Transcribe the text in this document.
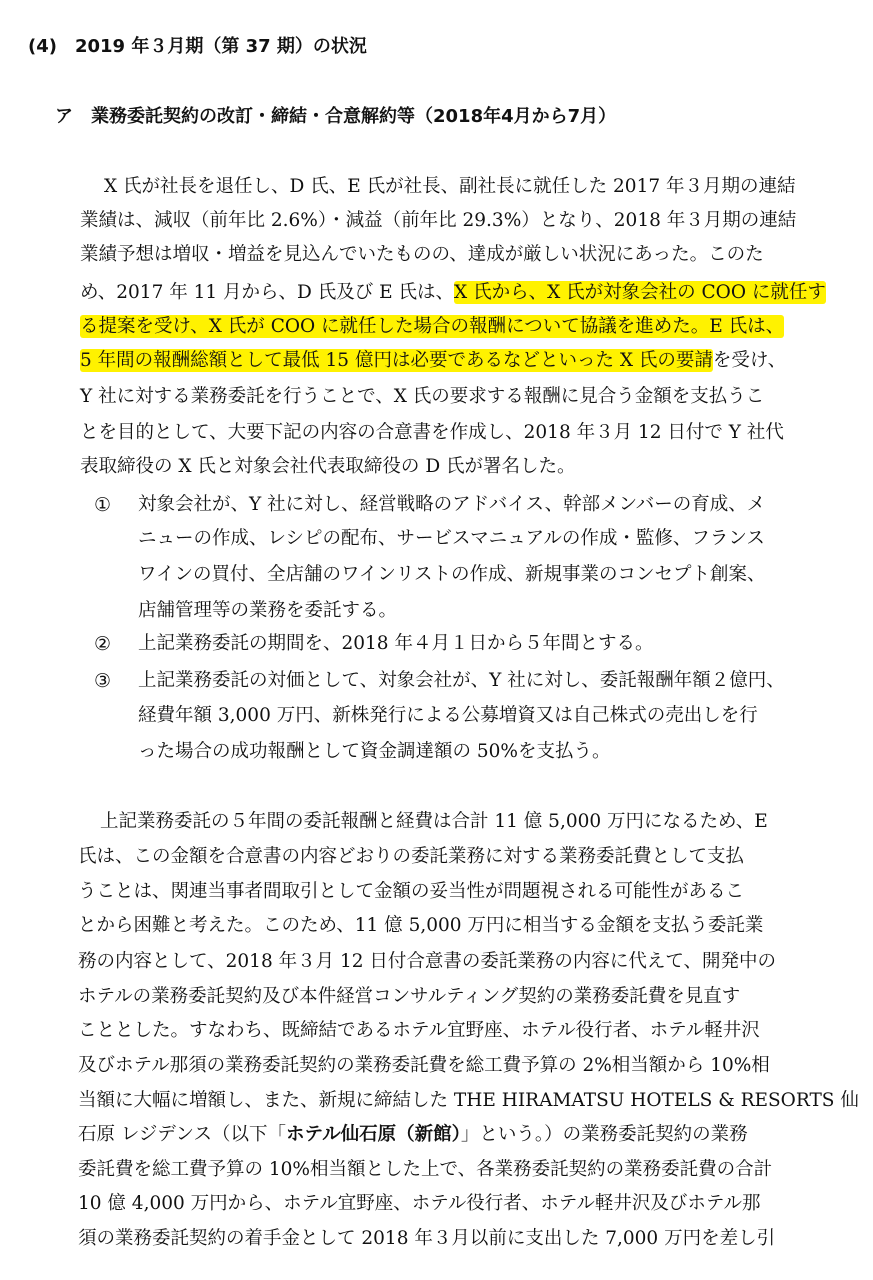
(4)　2019 年３月期（第 37 期）の状況
ア　業務委託契約の改訂・締結・合意解約等（2018年4月から7月）
X 氏が社長を退任し、D 氏、E 氏が社長、副社長に就任した 2017 年３月期の連結
業績は、減収（前年比 2.6%）・減益（前年比 29.3%）となり、2018 年３月期の連結
業績予想は増収・増益を見込んでいたものの、達成が厳しい状況にあった。このた
め、2017 年 11 月から、D 氏及び E 氏は、X 氏から、X 氏が対象会社の COO に就任す
る提案を受け、X 氏が COO に就任した場合の報酬について協議を進めた。E 氏は、
5 年間の報酬総額として最低 15 億円は必要であるなどといった X 氏の要請を受け、
Y 社に対する業務委託を行うことで、X 氏の要求する報酬に見合う金額を支払うこ
とを目的として、大要下記の内容の合意書を作成し、2018 年３月 12 日付で Y 社代
表取締役の X 氏と対象会社代表取締役の D 氏が署名した。
① 対象会社が、Y 社に対し、経営戦略のアドバイス、幹部メンバーの育成、メ
ニューの作成、レシピの配布、サービスマニュアルの作成・監修、フランス
ワインの買付、全店舗のワインリストの作成、新規事業のコンセプト創案、
店舗管理等の業務を委託する。
② 上記業務委託の期間を、2018 年４月１日から５年間とする。
③ 上記業務委託の対価として、対象会社が、Y 社に対し、委託報酬年額２億円、
経費年額 3,000 万円、新株発行による公募増資又は自己株式の売出しを行
った場合の成功報酬として資金調達額の 50%を支払う。
上記業務委託の５年間の委託報酬と経費は合計 11 億 5,000 万円になるため、E
氏は、この金額を合意書の内容どおりの委託業務に対する業務委託費として支払
うことは、関連当事者間取引として金額の妥当性が問題視される可能性があるこ
とから困難と考えた。このため、11 億 5,000 万円に相当する金額を支払う委託業
務の内容として、2018 年３月 12 日付合意書の委託業務の内容に代えて、開発中の
ホテルの業務委託契約及び本件経営コンサルティング契約の業務委託費を見直す
こととした。すなわち、既締結であるホテル宜野座、ホテル役行者、ホテル軽井沢
及びホテル那須の業務委託契約の業務委託費を総工費予算の 2%相当額から 10%相
当額に大幅に増額し、また、新規に締結した THE HIRAMATSU HOTELS & RESORTS 仙
石原 レジデンス（以下「ホテル仙石原（新館）」という。）の業務委託契約の業務
委託費を総工費予算の 10%相当額とした上で、各業務委託契約の業務委託費の合計
10 億 4,000 万円から、ホテル宜野座、ホテル役行者、ホテル軽井沢及びホテル那
須の業務委託契約の着手金として 2018 年３月以前に支出した 7,000 万円を差し引
